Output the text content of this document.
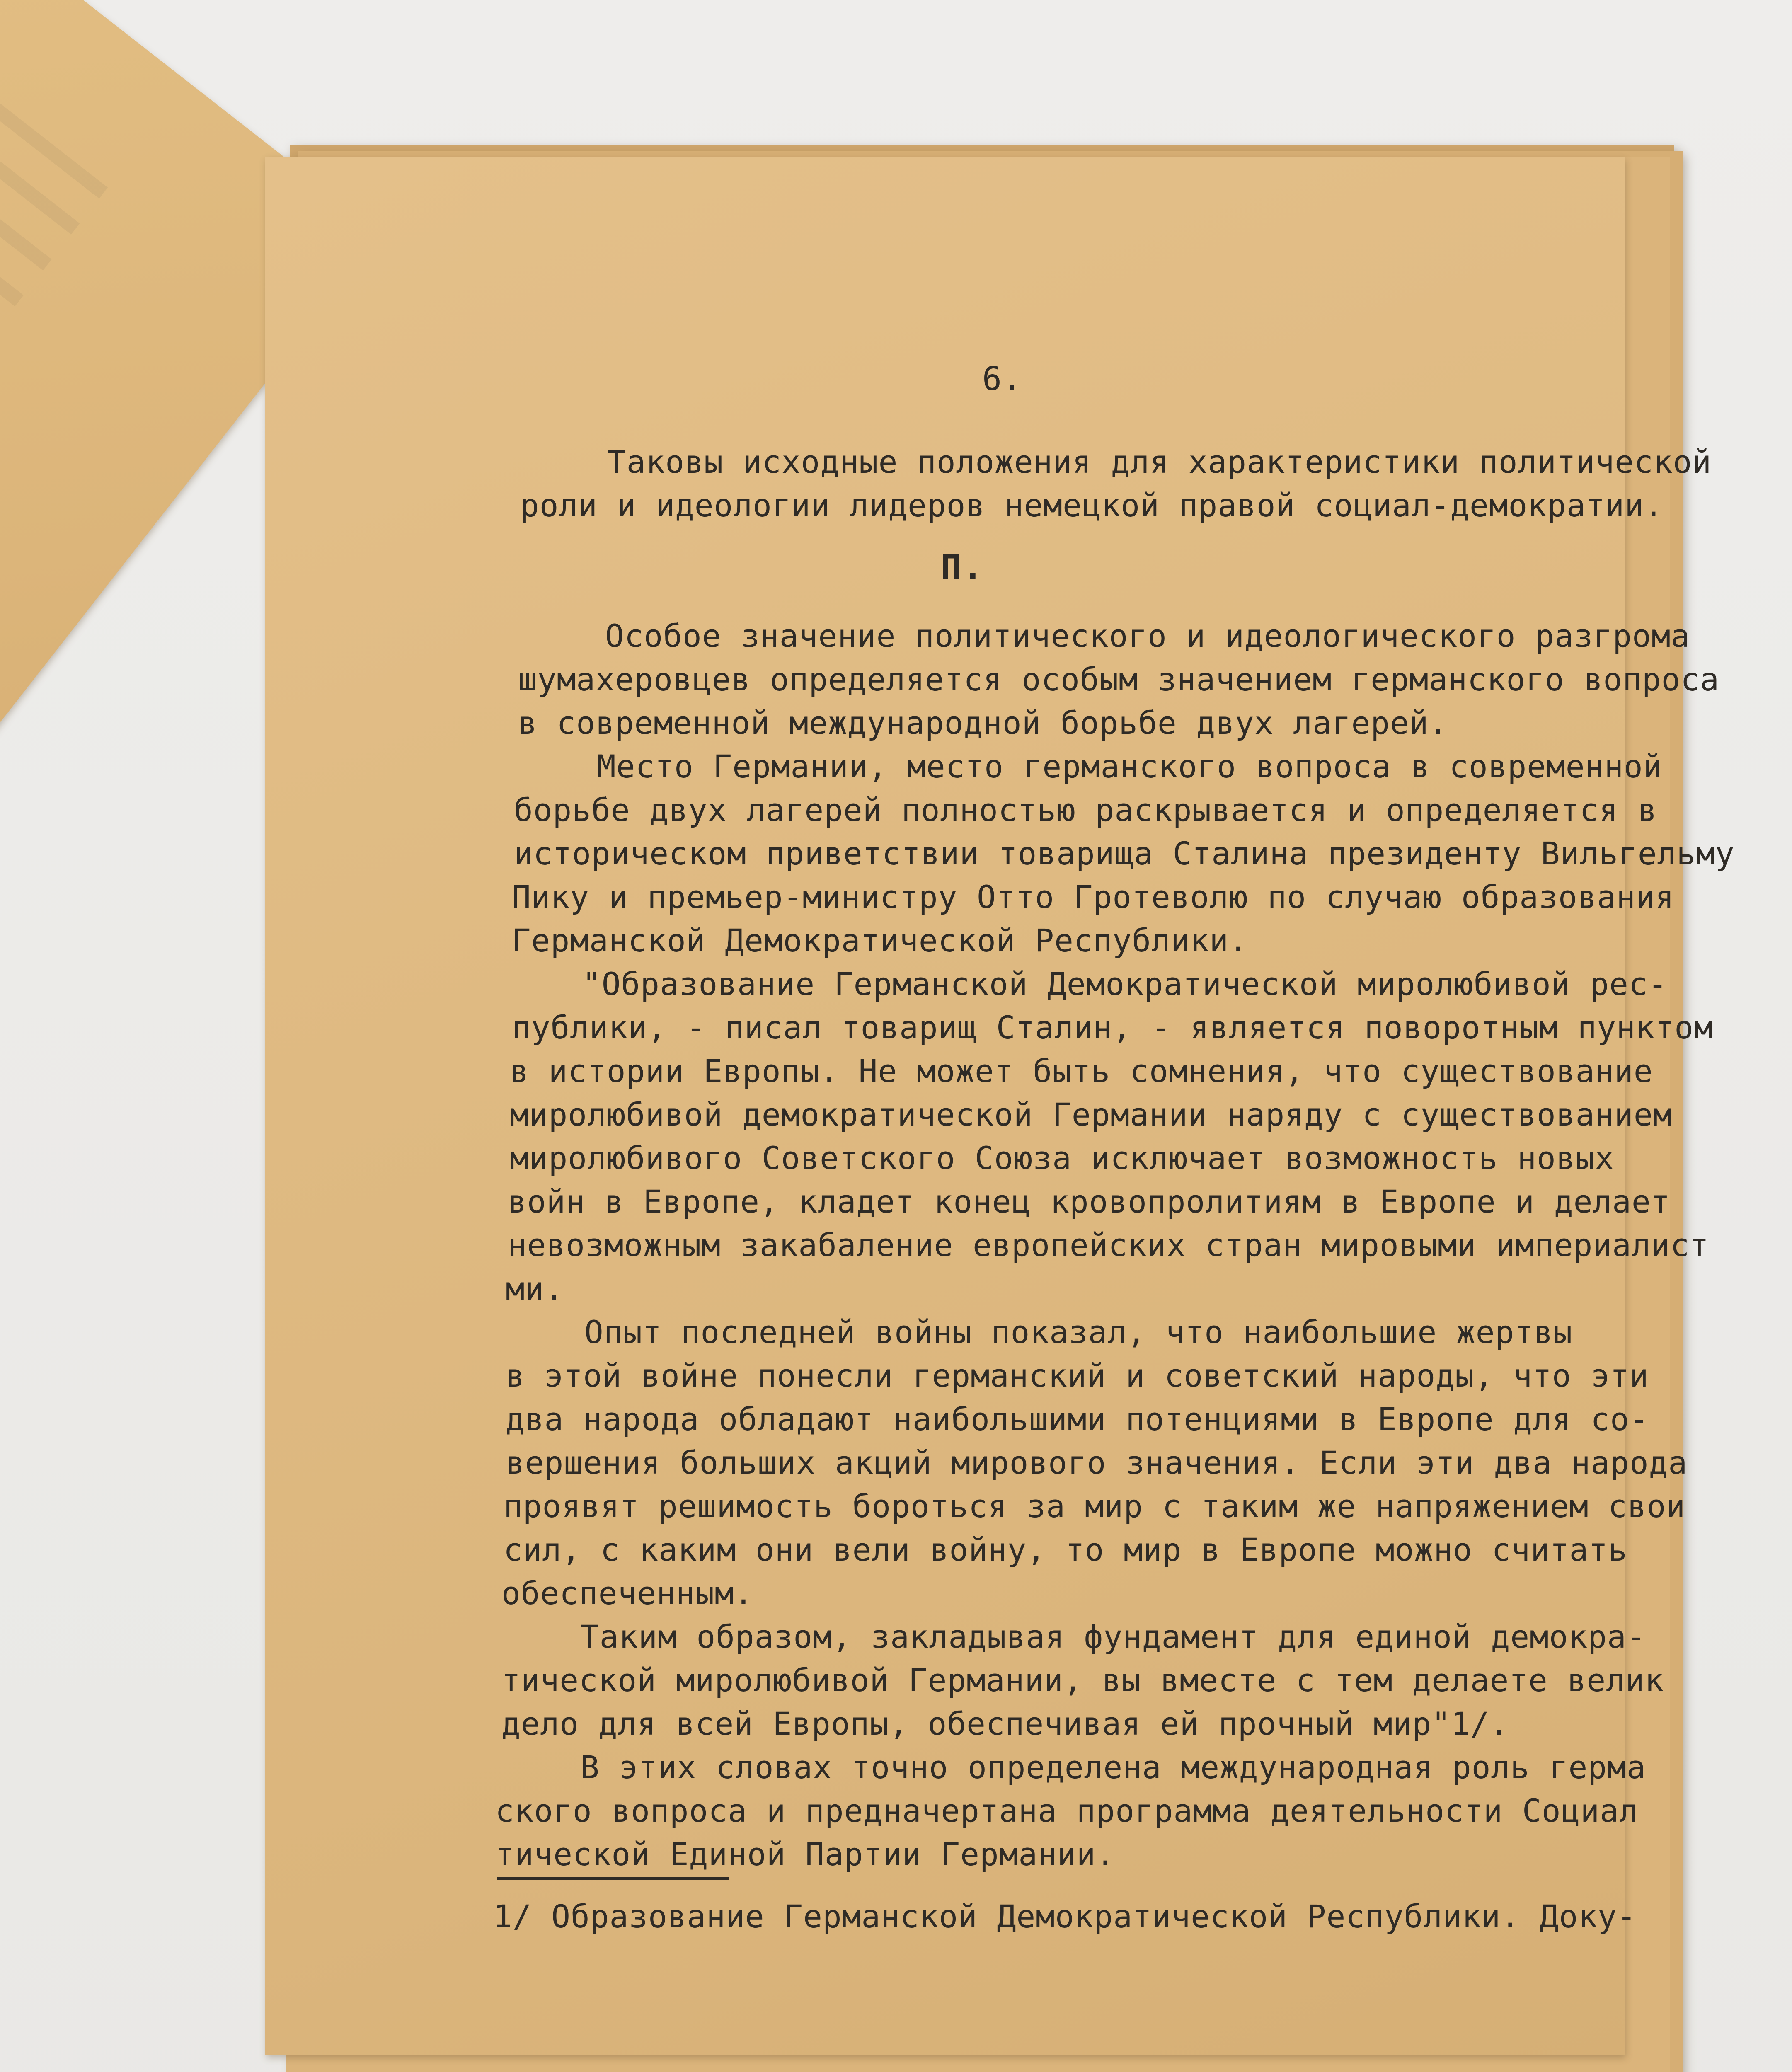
6.
Таковы исходные положения для характеристики политической
роли и идеологии лидеров немецкой правой социал-демократии.
П.
Особое значение политического и идеологического разгрома
шумахеровцев определяется особым значением германского вопроса
в современной международной борьбе двух лагерей.
Место Германии, место германского вопроса в современной
борьбе двух лагерей полностью раскрывается и определяется в
историческом приветствии товарища Сталина президенту Вильгельму
Пику и премьер-министру Отто Гротеволю по случаю образования
Германской Демократической Республики.
"Образование Германской Демократической миролюбивой рес-
публики, - писал товарищ Сталин, - является поворотным пунктом
в истории Европы. Не может быть сомнения, что существование
миролюбивой демократической Германии наряду с существованием
миролюбивого Советского Союза исключает возможность новых
войн в Европе, кладет конец кровопролитиям в Европе и делает
невозможным закабаление европейских стран мировыми империалист
ми.
Опыт последней войны показал, что наибольшие жертвы
в этой войне понесли германский и советский народы, что эти
два народа обладают наибольшими потенциями в Европе для со-
вершения больших акций мирового значения. Если эти два народа
проявят решимость бороться за мир с таким же напряжением свои
сил, с каким они вели войну, то мир в Европе можно считать
обеспеченным.
Таким образом, закладывая фундамент для единой демокра-
тической миролюбивой Германии, вы вместе с тем делаете велик
дело для всей Европы, обеспечивая ей прочный мир"1/.
В этих словах точно определена международная роль герма
ского вопроса и предначертана программа деятельности Социал
тической Единой Партии Германии.
1/ Образование Германской Демократической Республики. Доку-
